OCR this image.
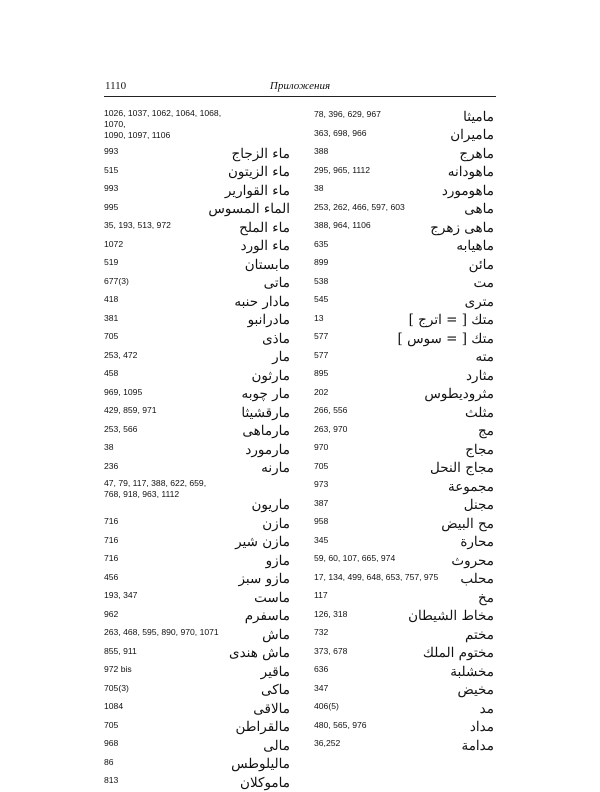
1110	Приложения
1026, 1037, 1062, 1064, 1068, 1070,
1090, 1097, 1106
993	ماء الزجاج
515	ماء الزيتون
993	ماء القوارير
995	الماء المسوس
35, 193, 513, 972	ماء الملح
1072	ماء الورد
519	مابستان
677(3)	ماتى
418	مادار حنبه
381	مادرانبو
705	ماذى
253, 472	مار
458	مارثون
969, 1095	مار چوبه
429, 859, 971	مارقشيثا
253, 566	مارماهى
38	مارمورد
236	مارنه
47, 79, 117, 388, 622, 659,
768, 918, 963, 1112
ماريون
716	مازن
716	مازن شير
716	مازو
456	مازو سبز
193, 347	ماست
962	ماسفرم
263, 468, 595, 890, 970, 1071	ماش
855, 911	ماش هندى
972 bis	ماقير
705(3)	ماكى
1084	مالاقى
705	مالقراطن
968	مالى
86	ماليلوطس
813	ماموكلان
78, 396, 629, 967	ماميثا
363, 698, 966	ماميران
388	ماهرج
295, 965, 1112	ماهودانه
38	ماهومورد
253, 262, 466, 597, 603	ماهى
388, 964, 1106	ماهى زهرج
635	ماهيابه
899	مائن
538	مت
545	مترى
13	متك [ = اترج ]
577	متك [ = سوس ]
577	مته
895	مثارد
202	مثروديطوس
266, 556	مثلث
263, 970	مج
970	مجاج
705	مجاج النحل
973	مجموعة
387	مجنل
958	مح البيض
345	محارة
59, 60, 107, 665, 974	محروث
17, 134, 499, 648, 653, 757, 975 محلب
117	مخ
126, 318	مخاط الشيطان
732	مختم
373, 678	مختوم الملك
636	مخشلبة
347	مخيض
406(5)	مد
480, 565, 976	مداد
36,252	مدامة
